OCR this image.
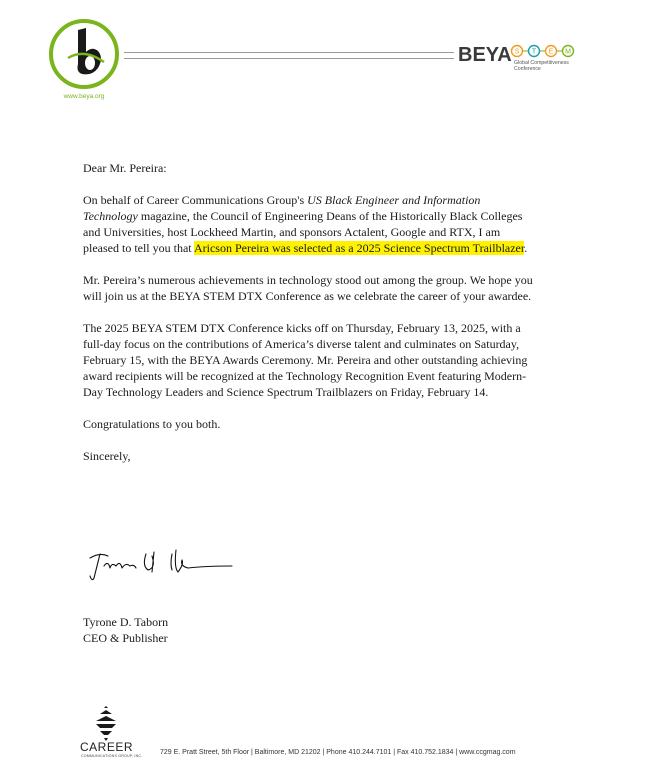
www.beya.org
BEYA S T E M
Global Competitiveness
Conference

Dear Mr. Pereira:

On behalf of Career Communications Group's US Black Engineer and Information Technology magazine, the Council of Engineering Deans of the Historically Black Colleges and Universities, host Lockheed Martin, and sponsors Actalent, Google and RTX, I am pleased to tell you that Aricson Pereira was selected as a 2025 Science Spectrum Trailblazer.

Mr. Pereira’s numerous achievements in technology stood out among the group. We hope you will join us at the BEYA STEM DTX Conference as we celebrate the career of your awardee.

The 2025 BEYA STEM DTX Conference kicks off on Thursday, February 13, 2025, with a full-day focus on the contributions of America’s diverse talent and culminates on Saturday, February 15, with the BEYA Awards Ceremony. Mr. Pereira and other outstanding achieving award recipients will be recognized at the Technology Recognition Event featuring Modern-Day Technology Leaders and Science Spectrum Trailblazers on Friday, February 14.

Congratulations to you both.

Sincerely,

Tyrone D. Taborn
CEO & Publisher
CAREER
COMMUNICATIONS GROUP, INC.	729 E. Pratt Street, 5th Floor | Baltimore, MD 21202 | Phone 410.244.7101 | Fax 410.752.1834 | www.ccgmag.com
